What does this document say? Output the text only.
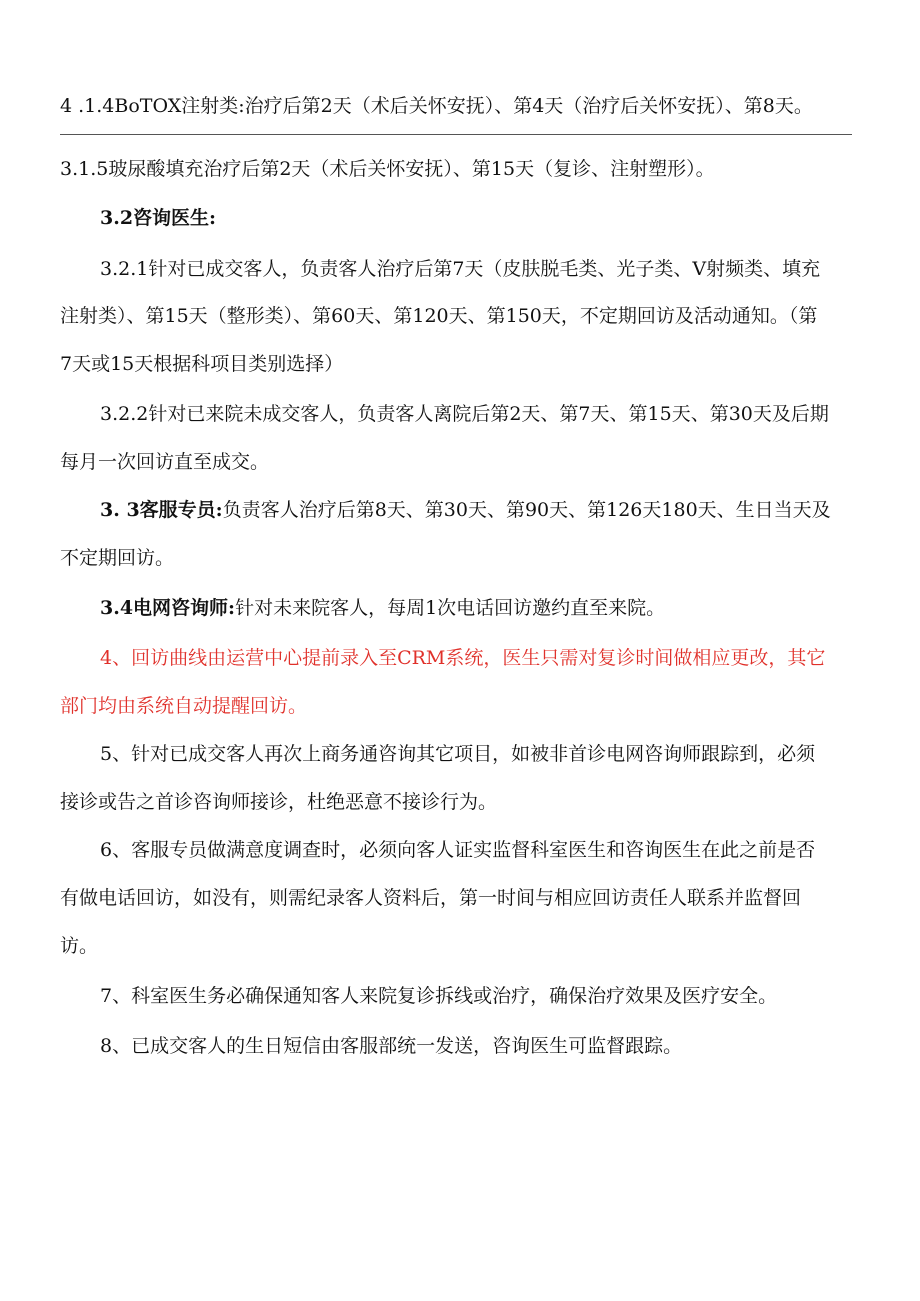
4 .1.4BoTOX注射类:治疗后第2天（术后关怀安抚）、第4天（治疗后关怀安抚）、第8天。

3.1.5玻尿酸填充治疗后第2天（术后关怀安抚）、第15天（复诊、注射塑形）。

3.2咨询医生:

3.2.1针对已成交客人，负责客人治疗后第7天（皮肤脱毛类、光子类、V射频类、填充

注射类）、第15天（整形类）、第60天、第120天、第150天，不定期回访及活动通知。（第

7天或15天根据科项目类别选择）

3.2.2针对已来院未成交客人，负责客人离院后第2天、第7天、第15天、第30天及后期

每月一次回访直至成交。

3. 3客服专员:负责客人治疗后第8天、第30天、第90天、第126天180天、生日当天及

不定期回访。

3.4电网咨询师:针对未来院客人，每周1次电话回访邀约直至来院。

4、回访曲线由运营中心提前录入至CRM系统，医生只需对复诊时间做相应更改，其它

部门均由系统自动提醒回访。

5、针对已成交客人再次上商务通咨询其它项目，如被非首诊电网咨询师跟踪到，必须

接诊或告之首诊咨询师接诊，杜绝恶意不接诊行为。

6、客服专员做满意度调查时，必须向客人证实监督科室医生和咨询医生在此之前是否

有做电话回访，如没有，则需纪录客人资料后，第一时间与相应回访责任人联系并监督回

访。

7、科室医生务必确保通知客人来院复诊拆线或治疗，确保治疗效果及医疗安全。

8、已成交客人的生日短信由客服部统一发送，咨询医生可监督跟踪。
